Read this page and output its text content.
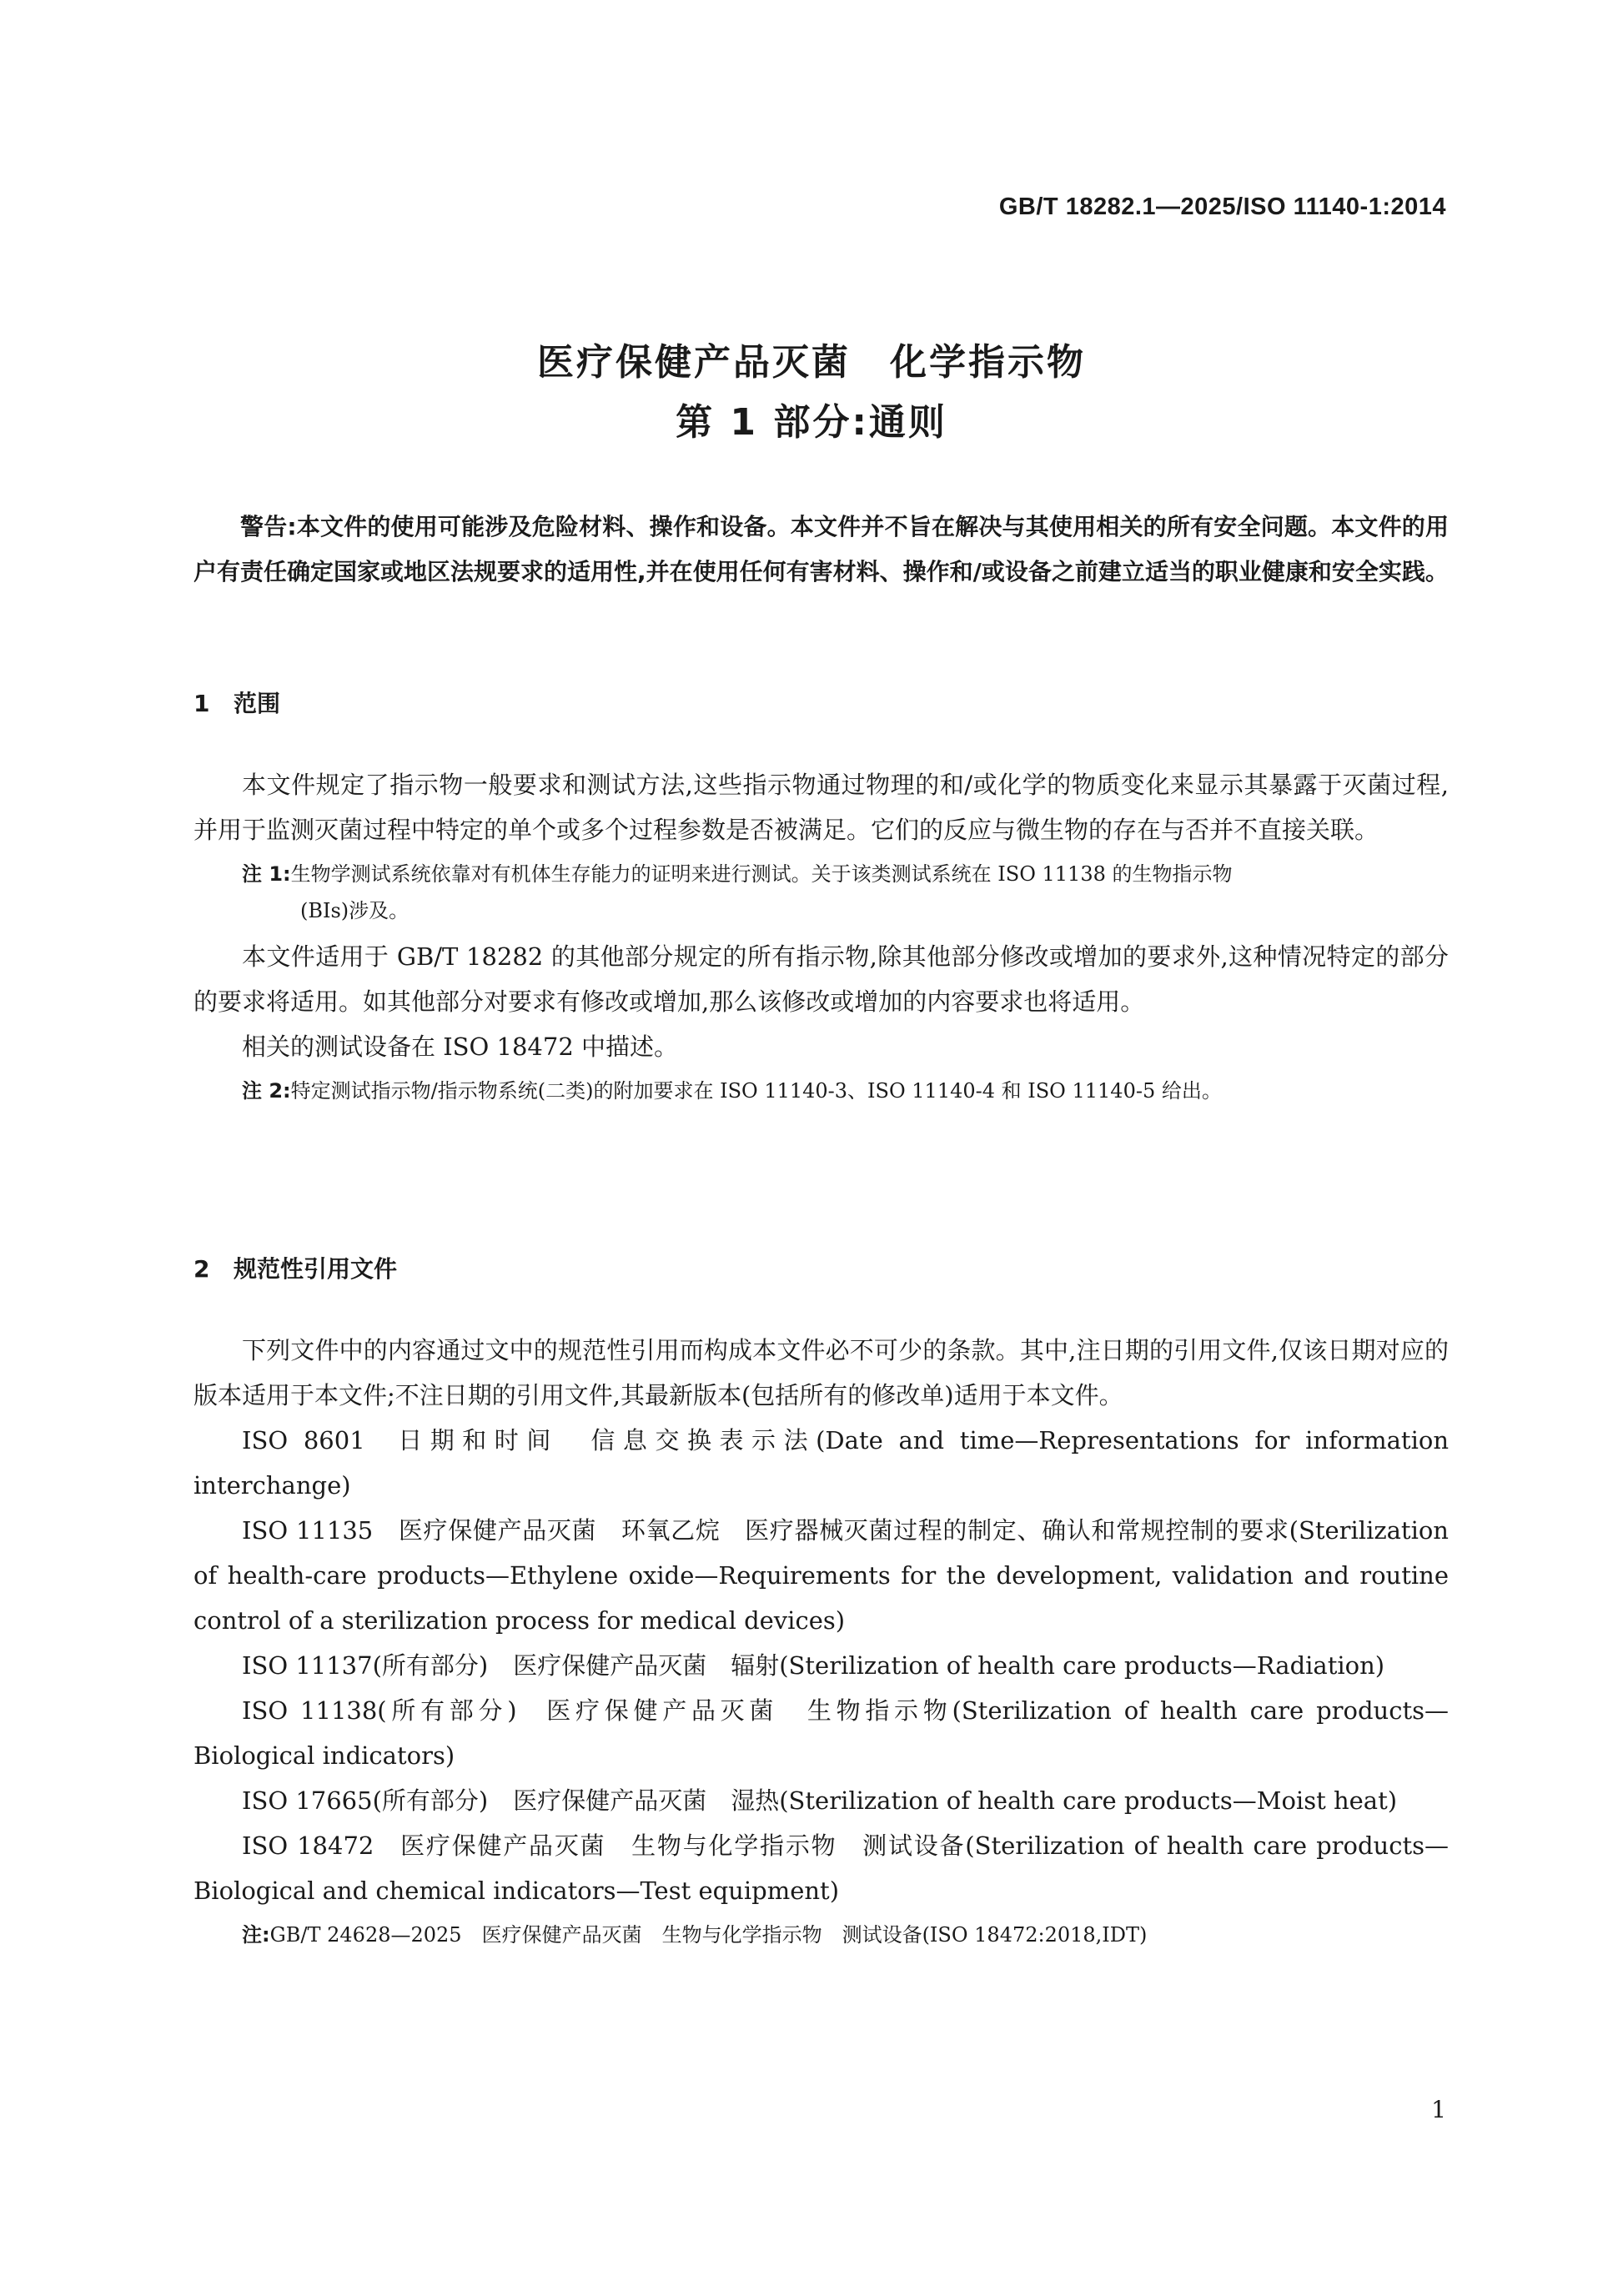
GB/T 18282.1—2025/ISO 11140-1:2014
医疗保健产品灭菌　化学指示物
第 1 部分:通则

警告:本文件的使用可能涉及危险材料、操作和设备。本文件并不旨在解决与其使用相关的所有安全问题。本文件的用户有责任确定国家或地区法规要求的适用性,并在使用任何有害材料、操作和/或设备之前建立适当的职业健康和安全实践。

1 范围

本文件规定了指示物一般要求和测试方法,这些指示物通过物理的和/或化学的物质变化来显示其暴露于灭菌过程,并用于监测灭菌过程中特定的单个或多个过程参数是否被满足。它们的反应与微生物的存在与否并不直接关联。

注 1:生物学测试系统依靠对有机体生存能力的证明来进行测试。关于该类测试系统在 ISO 11138 的生物指示物
(BIs)涉及。

本文件适用于 GB/T 18282 的其他部分规定的所有指示物,除其他部分修改或增加的要求外,这种情况特定的部分的要求将适用。如其他部分对要求有修改或增加,那么该修改或增加的内容要求也将适用。

相关的测试设备在 ISO 18472 中描述。

注 2:特定测试指示物/指示物系统(二类)的附加要求在 ISO 11140-3、ISO 11140-4 和 ISO 11140-5 给出。
2 规范性引用文件

下列文件中的内容通过文中的规范性引用而构成本文件必不可少的条款。其中,注日期的引用文件,仅该日期对应的版本适用于本文件;不注日期的引用文件,其最新版本(包括所有的修改单)适用于本文件。

ISO 8601 日期和时间　信息交换表示法(Date and time—Representations for information interchange)

ISO 11135 医疗保健产品灭菌　环氧乙烷　医疗器械灭菌过程的制定、确认和常规控制的要求(Sterilization of health-care products—Ethylene oxide—Requirements for the development, validation and routine control of a sterilization process for medical devices)

ISO 11137(所有部分) 医疗保健产品灭菌　辐射(Sterilization of health care products—Radiation)

ISO 11138(所有部分) 医疗保健产品灭菌　生物指示物(Sterilization of health care products—Biological indicators)

ISO 17665(所有部分) 医疗保健产品灭菌　湿热(Sterilization of health care products—Moist heat)

ISO 18472 医疗保健产品灭菌　生物与化学指示物　测试设备(Sterilization of health care products—Biological and chemical indicators—Test equipment)

注:GB/T 24628—2025　医疗保健产品灭菌　生物与化学指示物　测试设备(ISO 18472:2018,IDT)
1
